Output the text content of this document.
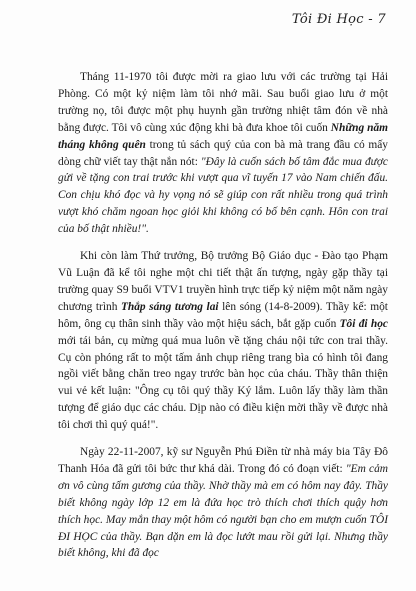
Tôi Đi Học - 7

Tháng 11-1970 tôi được mời ra giao lưu với các trường tại Hải Phòng. Có một kỷ niệm làm tôi nhớ mãi. Sau buổi giao lưu ở một trường nọ, tôi được một phụ huynh gần trường nhiệt tâm đón về nhà bằng được. Tôi vô cùng xúc động khi bà đưa khoe tôi cuốn Những năm tháng không quên trong tủ sách quý của con bà mà trang đầu có mấy dòng chữ viết tay thật nắn nót: "Đây là cuốn sách bố tâm đắc mua được gửi về tặng con trai trước khi vượt qua vĩ tuyến 17 vào Nam chiến đấu. Con chịu khó đọc và hy vọng nó sẽ giúp con rất nhiều trong quá trình vượt khó chăm ngoan học giỏi khi không có bố bên cạnh. Hôn con trai của bố thật nhiều!".

Khi còn làm Thứ trưởng, Bộ trưởng Bộ Giáo dục - Đào tạo Phạm Vũ Luận đã kể tôi nghe một chi tiết thật ấn tượng, ngày gặp thầy tại trường quay S9 buổi VTV1 truyền hình trực tiếp kỷ niệm một năm ngày chương trình Thắp sáng tương lai lên sóng (14-8-2009). Thầy kể: một hôm, ông cụ thân sinh thầy vào một hiệu sách, bắt gặp cuốn Tôi đi học mới tái bản, cụ mừng quá mua luôn về tặng cháu nội tức con trai thầy. Cụ còn phóng rất to một tấm ảnh chụp riêng trang bìa có hình tôi đang ngồi viết bằng chăn treo ngay trước bàn học của cháu. Thầy thân thiện vui vẻ kết luận: "Ông cụ tôi quý thầy Ký lắm. Luôn lấy thầy làm thần tượng để giáo dục các cháu. Dịp nào có điều kiện mời thầy về được nhà tôi chơi thì quý quá!".

Ngày 22-11-2007, kỹ sư Nguyễn Phú Điền từ nhà máy bia Tây Đô Thanh Hóa đã gửi tôi bức thư khá dài. Trong đó có đoạn viết: "Em cảm ơn vô cùng tấm gương của thầy. Nhờ thầy mà em có hôm nay đây. Thầy biết không ngày lớp 12 em là đứa học trò thích chơi thích quậy hơn thích học. May mắn thay một hôm có người bạn cho em mượn cuốn TÔI ĐI HỌC của thầy. Bạn dặn em là đọc lướt mau rồi gửi lại. Nhưng thầy biết không, khi đã đọc
